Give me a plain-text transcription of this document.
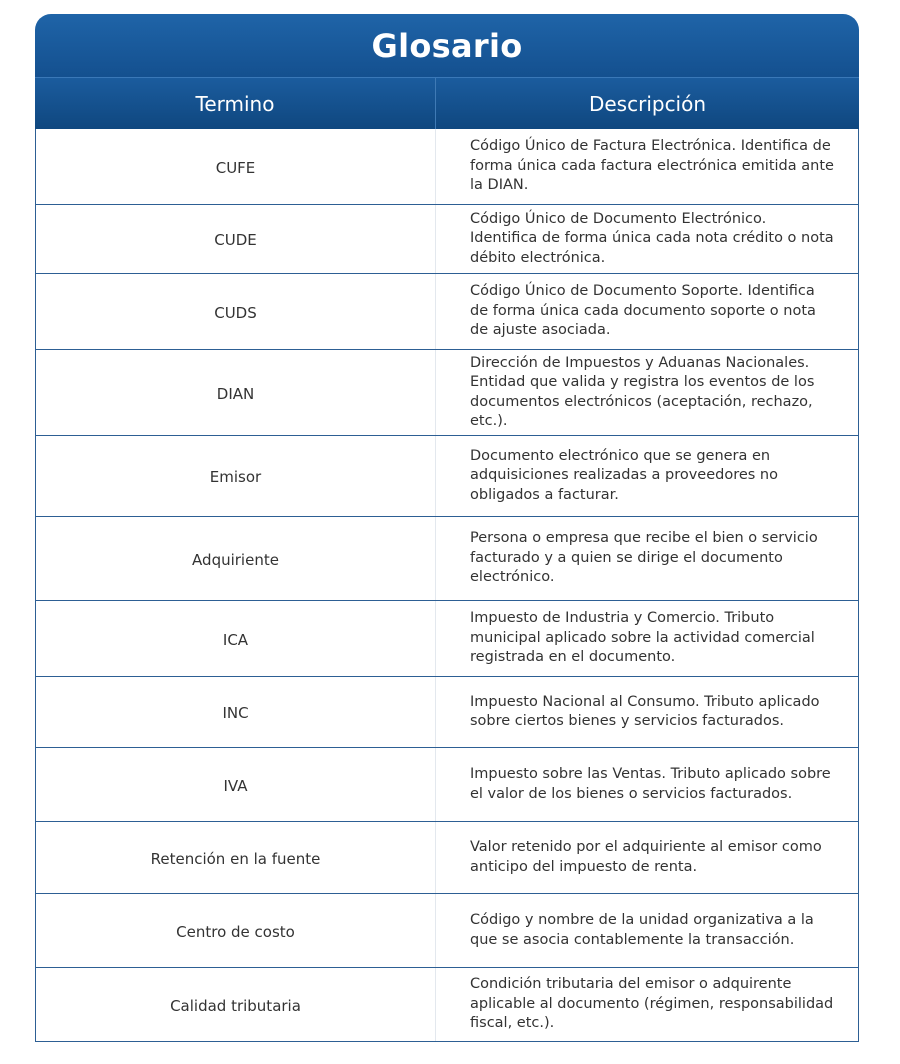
Glosario
Termino	Descripción
CUFE
Código Único de Factura Electrónica. Identifica de forma única cada factura electrónica emitida ante la DIAN.
CUDE
Código Único de Documento Electrónico. Identifica de forma única cada nota crédito o nota débito electrónica.
CUDS
Código Único de Documento Soporte. Identifica de forma única cada documento soporte o nota de ajuste asociada.
DIAN
Dirección de Impuestos y Aduanas Nacionales. Entidad que valida y registra los eventos de los documentos electrónicos (aceptación, rechazo, etc.).
Emisor
Documento electrónico que se genera en adquisiciones realizadas a proveedores no obligados a facturar.
Adquiriente
Persona o empresa que recibe el bien o servicio facturado y a quien se dirige el documento electrónico.
ICA
Impuesto de Industria y Comercio. Tributo municipal aplicado sobre la actividad comercial registrada en el documento.
INC
Impuesto Nacional al Consumo. Tributo aplicado sobre ciertos bienes y servicios facturados.
IVA
Impuesto sobre las Ventas. Tributo aplicado sobre el valor de los bienes o servicios facturados.
Retención en la fuente
Valor retenido por el adquiriente al emisor como anticipo del impuesto de renta.
Centro de costo
Código y nombre de la unidad organizativa a la que se asocia contablemente la transacción.
Calidad tributaria
Condición tributaria del emisor o adquirente aplicable al documento (régimen, responsabilidad fiscal, etc.).
